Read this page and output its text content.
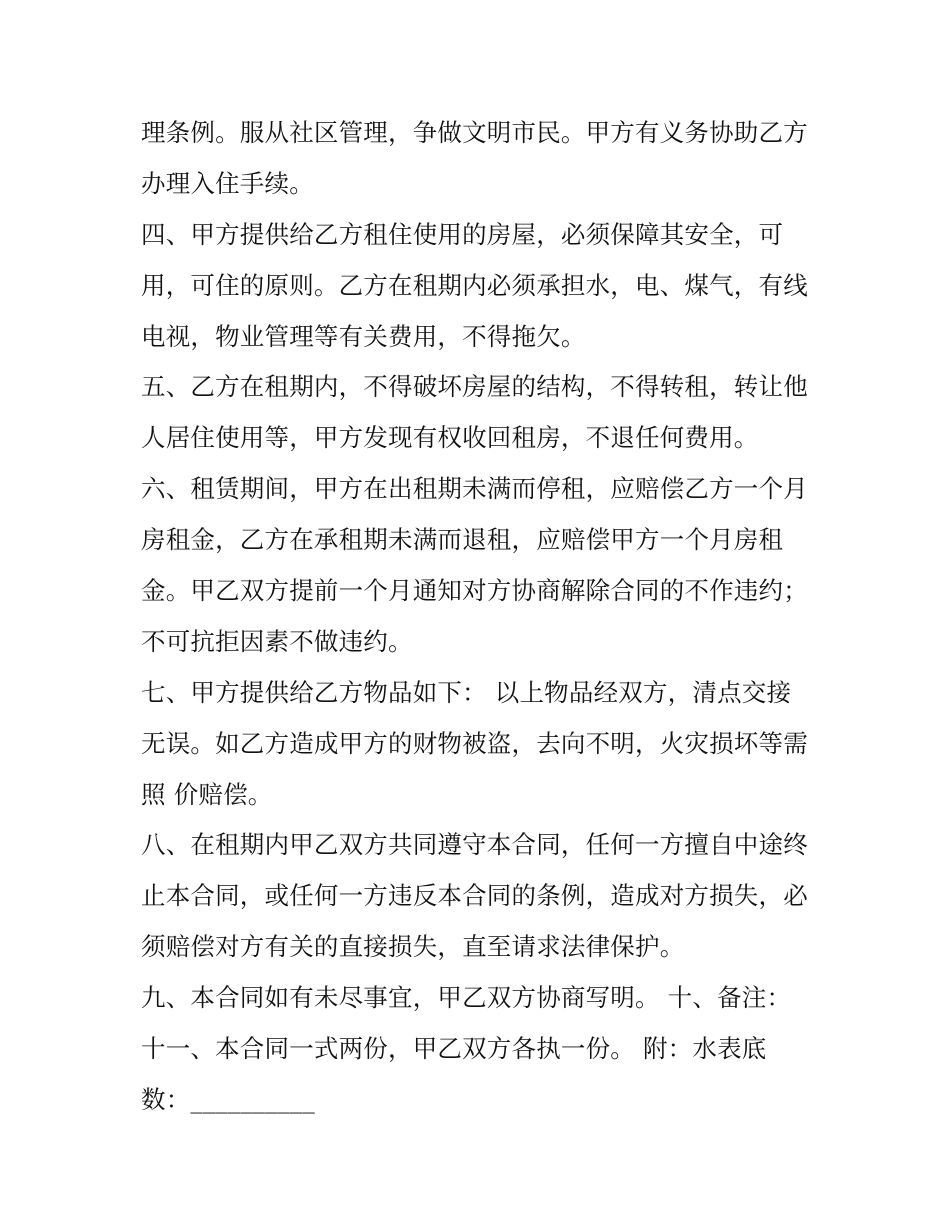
理条例。服从社区管理，争做文明市民。甲方有义务协助乙方
办理入住手续。
四、甲方提供给乙方租住使用的房屋，必须保障其安全，可
用，可住的原则。乙方在租期内必须承担水，电、煤气，有线
电视，物业管理等有关费用，不得拖欠。
五、乙方在租期内，不得破坏房屋的结构，不得转租，转让他
人居住使用等，甲方发现有权收回租房，不退任何费用。
六、租赁期间，甲方在出租期未满而停租，应赔偿乙方一个月
房租金，乙方在承租期未满而退租，应赔偿甲方一个月房租
金。甲乙双方提前一个月通知对方协商解除合同的不作违约；
不可抗拒因素不做违约。
七、甲方提供给乙方物品如下： 以上物品经双方，清点交接
无误。如乙方造成甲方的财物被盗，去向不明，火灾损坏等需
照 价赔偿。
八、在租期内甲乙双方共同遵守本合同，任何一方擅自中途终
止本合同，或任何一方违反本合同的条例，造成对方损失，必
须赔偿对方有关的直接损失，直至请求法律保护。
九、本合同如有未尽事宜，甲乙双方协商写明。 十、备注：
十一、本合同一式两份，甲乙双方各执一份。 附：水表底
数：__________
